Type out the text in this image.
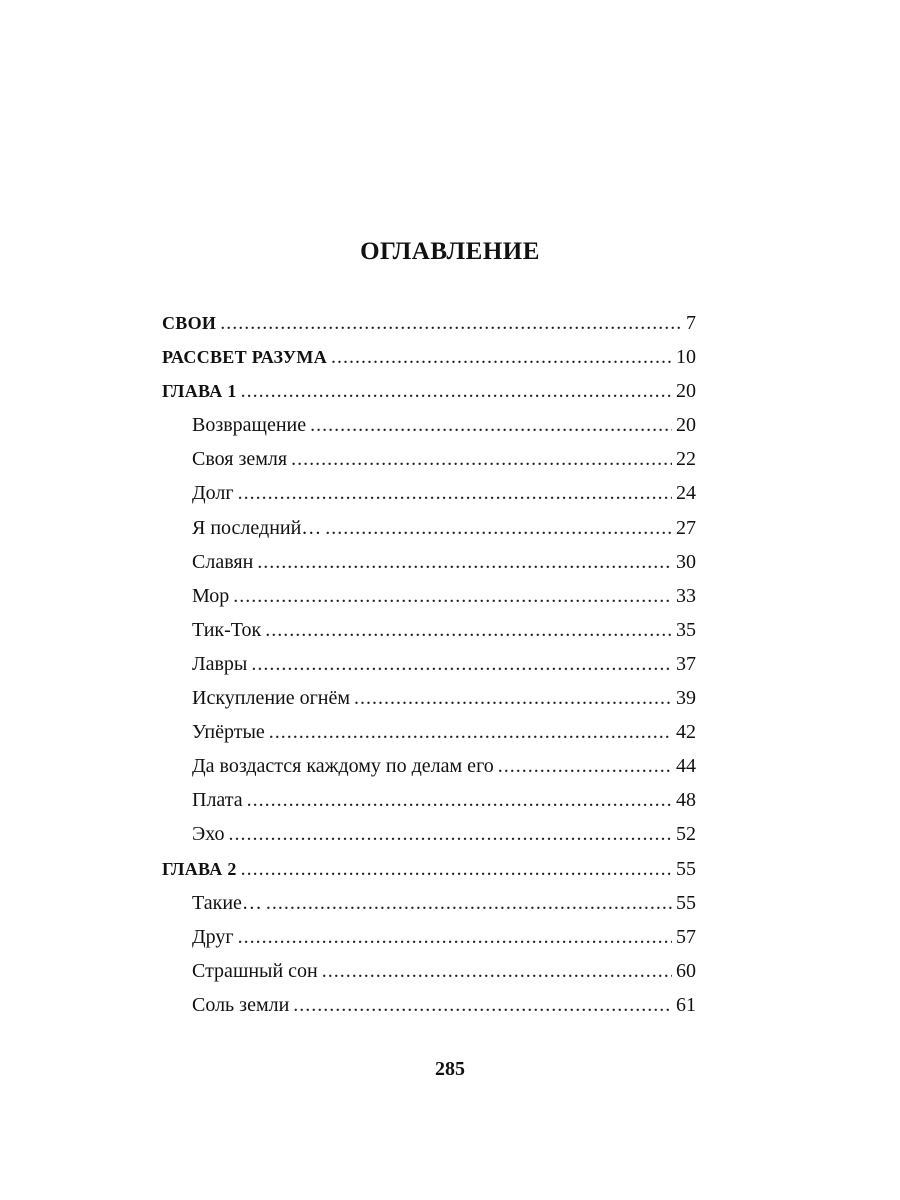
ОГЛАВЛЕНИЕ
СВОИ . . .	7
РАССВЕТ РАЗУМА . . .	10
ГЛАВА 1 . . .	20
Возвращение . . .	20
Своя земля . . .	22
Долг . . .	24
Я последний… . . .	27
Славян . . .	30
Мор . . .	33
Тик-Ток . . .	35
Лавры . . .	37
Искупление огнём . . .	39
Упёртые . . .	42
Да воздастся каждому по делам его . . .	44
Плата . . .	48
Эхо . . .	52
ГЛАВА 2 . . .	55
Такие… . . .	55
Друг . . .	57
Страшный сон . . .	60
Соль земли . . .	61
285
